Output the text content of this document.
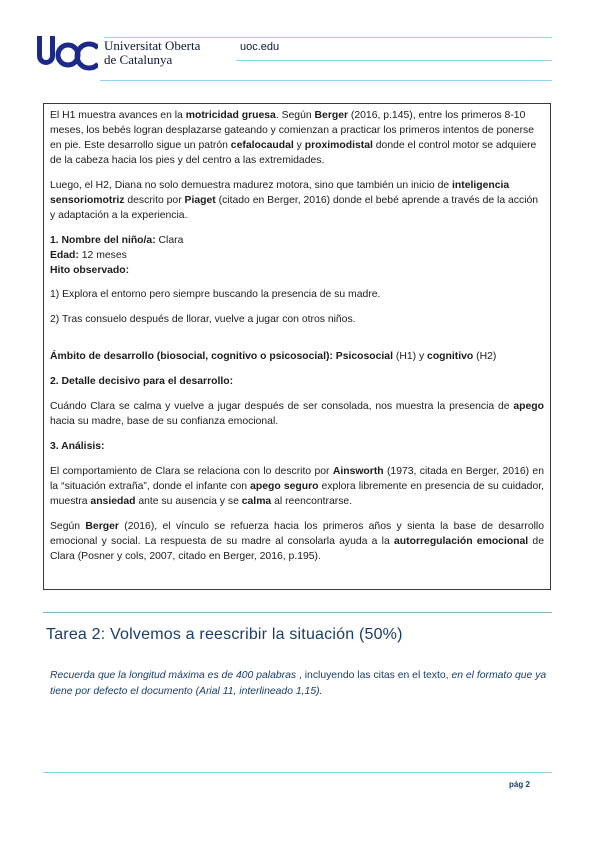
Universitat Oberta
de Catalunya
uoc.edu

El H1 muestra avances en la motricidad gruesa. Según Berger (2016, p.145), entre los primeros 8-10 meses, los bebés logran desplazarse gateando y comienzan a practicar los primeros intentos de ponerse en pie. Este desarrollo sigue un patrón cefalocaudal y proximodistal donde el control motor se adquiere de la cabeza hacia los pies y del centro a las extremidades.

Luego, el H2, Diana no solo demuestra madurez motora, sino que también un inicio de inteligencia sensoriomotriz descrito por Piaget (citado en Berger, 2016) donde el bebé aprende a través de la acción y adaptación a la experiencia.

1. Nombre del niño/a: Clara
Edad: 12 meses
Hito observado:

1) Explora el entorno pero siempre buscando la presencia de su madre.

2) Tras consuelo después de llorar, vuelve a jugar con otros niños.

Ámbito de desarrollo (biosocial, cognitivo o psicosocial): Psicosocial (H1) y cognitivo (H2)

2. Detalle decisivo para el desarrollo:

Cuándo Clara se calma y vuelve a jugar después de ser consolada, nos muestra la presencia de apego hacia su madre, base de su confianza emocional.

3. Análisis:

El comportamiento de Clara se relaciona con lo descrito por Ainsworth (1973, citada en Berger, 2016) en la “situación extraña”, donde el infante con apego seguro explora libremente en presencia de su cuidador, muestra ansiedad ante su ausencia y se calma al reencontrarse.

Según Berger (2016), el vínculo se refuerza hacia los primeros años y sienta la base de desarrollo emocional y social. La respuesta de su madre al consolarla ayuda a la autorregulación emocional de Clara (Posner y cols, 2007, citado en Berger, 2016, p.195).

Tarea 2: Volvemos a reescribir la situación (50%)
Recuerda que la longitud máxima es de 400 palabras , incluyendo las citas en el texto, en el formato que ya tiene por defecto el documento (Arial 11, interlineado 1,15).
pág 2
